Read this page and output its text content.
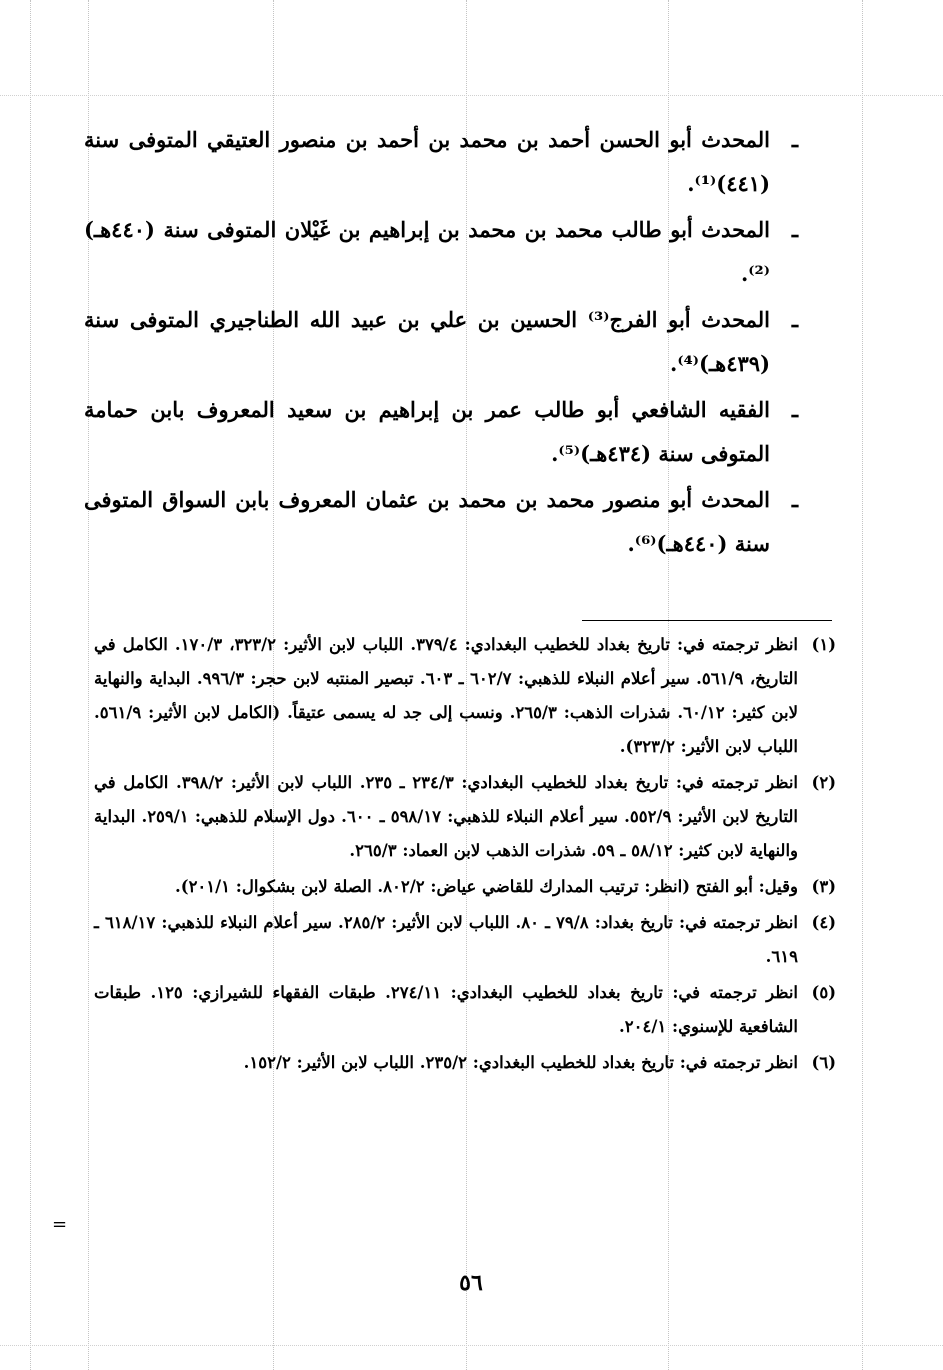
ـ
المحدث أبو الحسن أحمد بن محمد بن أحمد بن منصور العتيقي المتوفى سنة (٤٤١)⁽¹⁾.
ـ
المحدث أبو طالب محمد بن محمد بن إبراهيم بن غَيْلان المتوفى سنة (٤٤٠هـ)⁽²⁾.
ـ
المحدث أبو الفرج⁽³⁾ الحسين بن علي بن عبيد الله الطناجيري المتوفى سنة (٤٣٩هـ)⁽⁴⁾.
ـ
الفقيه الشافعي أبو طالب عمر بن إبراهيم بن سعيد المعروف بابن حمامة المتوفى سنة (٤٣٤هـ)⁽⁵⁾.
ـ
المحدث أبو منصور محمد بن محمد بن عثمان المعروف بابن السواق المتوفى سنة (٤٤٠هـ)⁽⁶⁾.
(١)
انظر ترجمته في: تاريخ بغداد للخطيب البغدادي: ٣٧٩/٤. اللباب لابن الأثير: ٣٢٣/٢، ١٧٠/٣. الكامل في التاريخ، ٥٦١/٩. سير أعلام النبلاء للذهبي: ٦٠٢/٧ ـ ٦٠٣. تبصير المنتبه لابن حجر: ٩٩٦/٣. البداية والنهاية لابن كثير: ٦٠/١٢. شذرات الذهب: ٢٦٥/٣. ونسب إلى جد له يسمى عتيقاً. (الكامل لابن الأثير: ٥٦١/٩. اللباب لابن الأثير: ٣٢٣/٢).
(٢)
انظر ترجمته في: تاريخ بغداد للخطيب البغدادي: ٢٣٤/٣ ـ ٢٣٥. اللباب لابن الأثير: ٣٩٨/٢. الكامل في التاريخ لابن الأثير: ٥٥٢/٩. سير أعلام النبلاء للذهبي: ٥٩٨/١٧ ـ ٦٠٠. دول الإسلام للذهبي: ٢٥٩/١. البداية والنهاية لابن كثير: ٥٨/١٢ ـ ٥٩. شذرات الذهب لابن العماد: ٢٦٥/٣.
(٣)
وقيل: أبو الفتح (انظر: ترتيب المدارك للقاضي عياض: ٨٠٢/٢. الصلة لابن بشكوال: ٢٠١/١).
(٤)
انظر ترجمته في: تاريخ بغداد: ٧٩/٨ ـ ٨٠. اللباب لابن الأثير: ٢٨٥/٢. سير أعلام النبلاء للذهبي: ٦١٨/١٧ ـ ٦١٩.
(٥)
انظر ترجمته في: تاريخ بغداد للخطيب البغدادي: ٢٧٤/١١. طبقات الفقهاء للشيرازي: ١٢٥. طبقات الشافعية للإسنوي: ٢٠٤/١.
(٦)
انظر ترجمته في: تاريخ بغداد للخطيب البغدادي: ٢٣٥/٢. اللباب لابن الأثير: ١٥٢/٢.
=
٥٦
